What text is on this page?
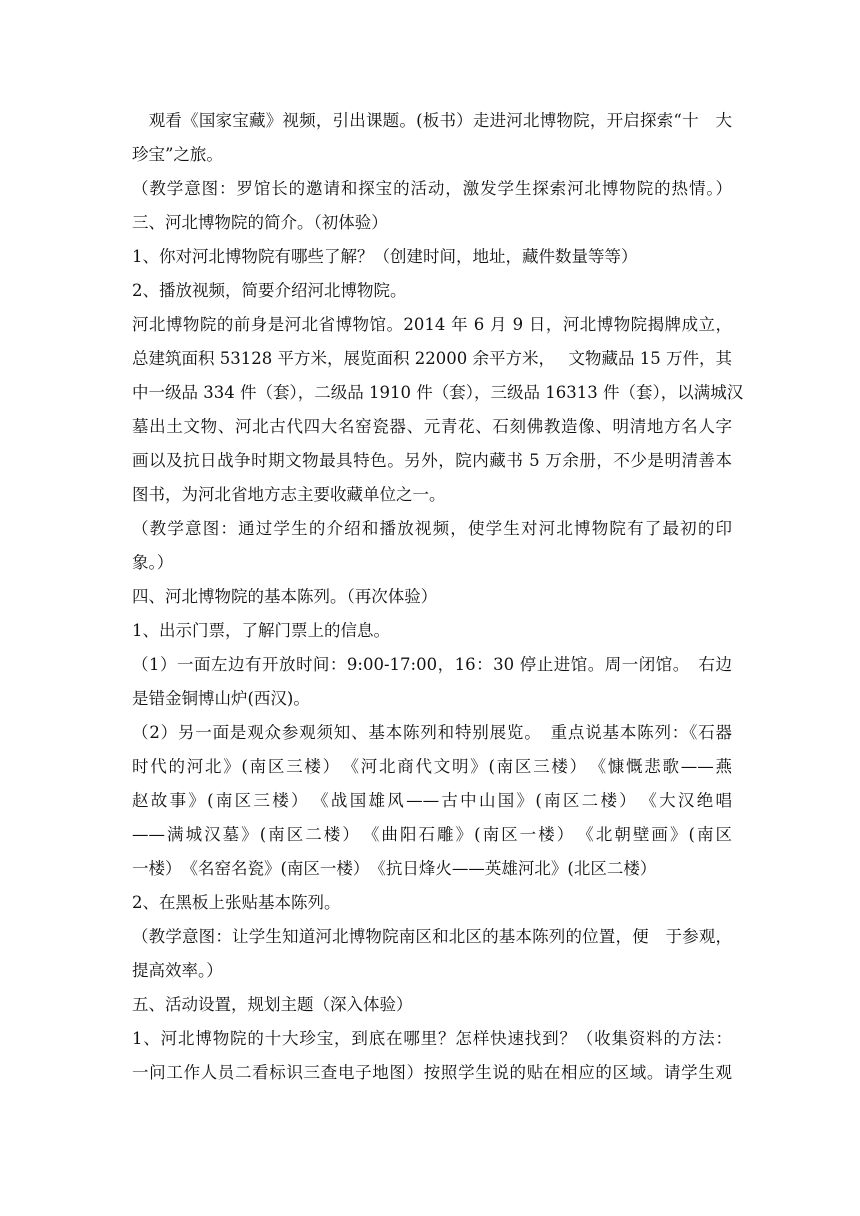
　观看《国家宝藏》视频，引出课题。(板书）走进河北博物院，开启探索“十　大
珍宝”之旅。
（教学意图：罗馆长的邀请和探宝的活动，激发学生探索河北博物院的热情。）
三、河北博物院的简介。（初体验）
1、你对河北博物院有哪些了解？（创建时间，地址，藏件数量等等）
2、播放视频，简要介绍河北博物院。
河北博物院的前身是河北省博物馆。2014 年 6 月 9 日，河北博物院揭牌成立，
总建筑面积 53128 平方米，展览面积 22000 余平方米，　 文物藏品 15 万件，其
中一级品 334 件（套），二级品 1910 件（套），三级品 16313 件（套），以满城汉
墓出土文物、河北古代四大名窑瓷器、元青花、石刻佛教造像、明清地方名人字
画以及抗日战争时期文物最具特色。另外，院内藏书 5 万余册，不少是明清善本
图书，为河北省地方志主要收藏单位之一。
（教学意图：通过学生的介绍和播放视频，使学生对河北博物院有了最初的印
象。）
四、河北博物院的基本陈列。（再次体验）
1、出示门票，了解门票上的信息。
（1）一面左边有开放时间：9:00-17:00，16：30 停止进馆。周一闭馆。　右边
是错金铜博山炉(西汉)。
（2）另一面是观众参观须知、基本陈列和特别展览。　重点说基本陈列：《石器
时代的河北》(南区三楼）　《河北商代文明》(南区三楼）　《慷慨悲歌——燕
赵故事》(南区三楼）　《战国雄风——古中山国》(南区二楼）　《大汉绝唱
——满城汉墓》(南区二楼）　《曲阳石雕》(南区一楼）　《北朝壁画》(南区
一楼）　《名窑名瓷》(南区一楼）　《抗日烽火——英雄河北》(北区二楼）
2、在黑板上张贴基本陈列。
（教学意图：让学生知道河北博物院南区和北区的基本陈列的位置，便　于参观，
提高效率。）
五、活动设置，规划主题（深入体验）
1、河北博物院的十大珍宝，到底在哪里？怎样快速找到？（收集资料的方法：
一问工作人员二看标识三查电子地图）按照学生说的贴在相应的区域。请学生观
